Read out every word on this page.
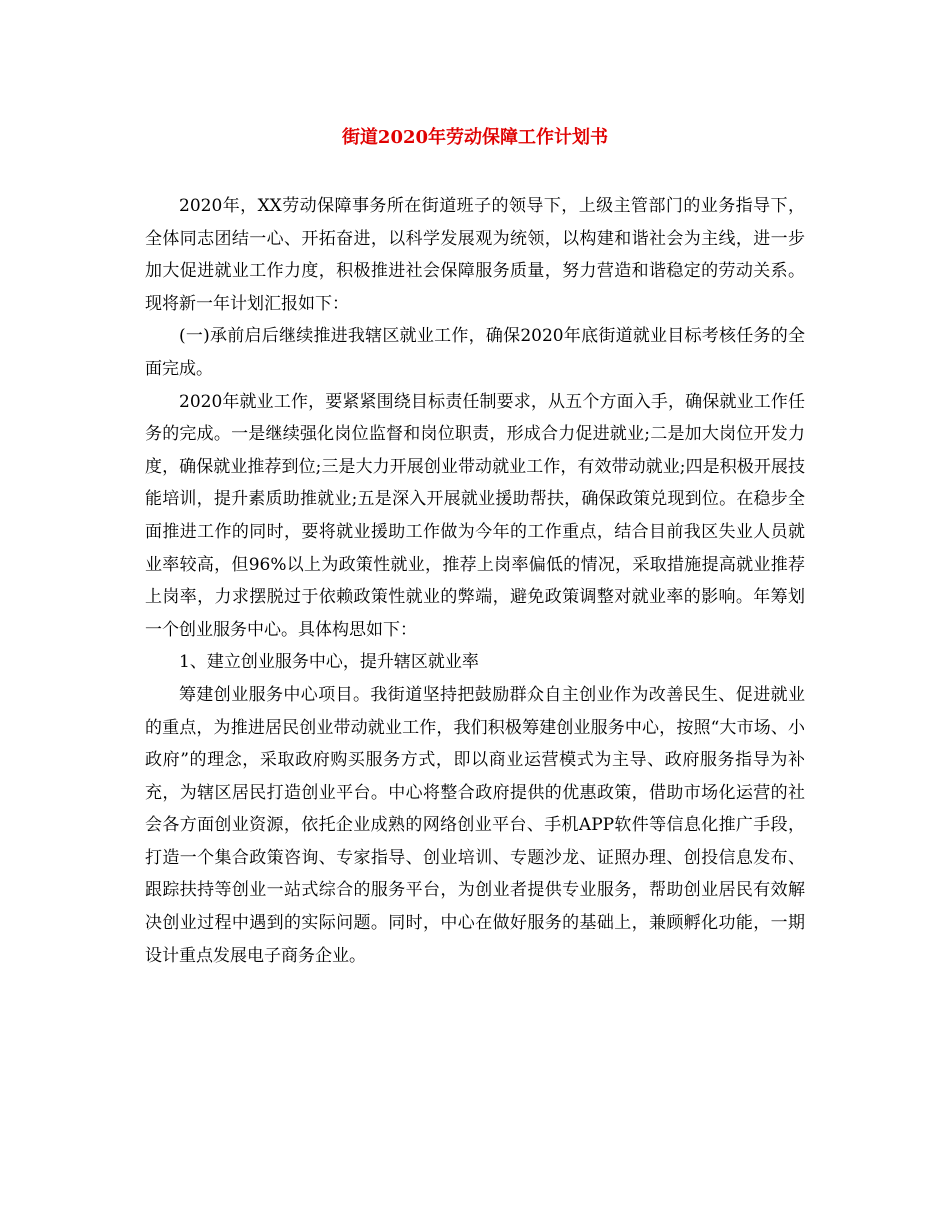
街道2020年劳动保障工作计划书

2020年，XX劳动保障事务所在街道班子的领导下，上级主管部门的业务指导下，全体同志团结一心、开拓奋进，以科学发展观为统领，以构建和谐社会为主线，进一步加大促进就业工作力度，积极推进社会保障服务质量，努力营造和谐稳定的劳动关系。现将新一年计划汇报如下：

(一)承前启后继续推进我辖区就业工作，确保2020年底街道就业目标考核任务的全面完成。

2020年就业工作，要紧紧围绕目标责任制要求，从五个方面入手，确保就业工作任务的完成。一是继续强化岗位监督和岗位职责，形成合力促进就业;二是加大岗位开发力度，确保就业推荐到位;三是大力开展创业带动就业工作，有效带动就业;四是积极开展技能培训，提升素质助推就业;五是深入开展就业援助帮扶，确保政策兑现到位。在稳步全面推进工作的同时，要将就业援助工作做为今年的工作重点，结合目前我区失业人员就业率较高，但96%以上为政策性就业，推荐上岗率偏低的情况，采取措施提高就业推荐上岗率，力求摆脱过于依赖政策性就业的弊端，避免政策调整对就业率的影响。年筹划一个创业服务中心。具体构思如下：

1、建立创业服务中心，提升辖区就业率

筹建创业服务中心项目。我街道坚持把鼓励群众自主创业作为改善民生、促进就业的重点，为推进居民创业带动就业工作，我们积极筹建创业服务中心，按照“大市场、小政府”的理念，采取政府购买服务方式，即以商业运营模式为主导、政府服务指导为补充，为辖区居民打造创业平台。中心将整合政府提供的优惠政策，借助市场化运营的社会各方面创业资源，依托企业成熟的网络创业平台、手机APP软件等信息化推广手段，打造一个集合政策咨询、专家指导、创业培训、专题沙龙、证照办理、创投信息发布、跟踪扶持等创业一站式综合的服务平台，为创业者提供专业服务，帮助创业居民有效解决创业过程中遇到的实际问题。同时，中心在做好服务的基础上，兼顾孵化功能，一期设计重点发展电子商务企业。
